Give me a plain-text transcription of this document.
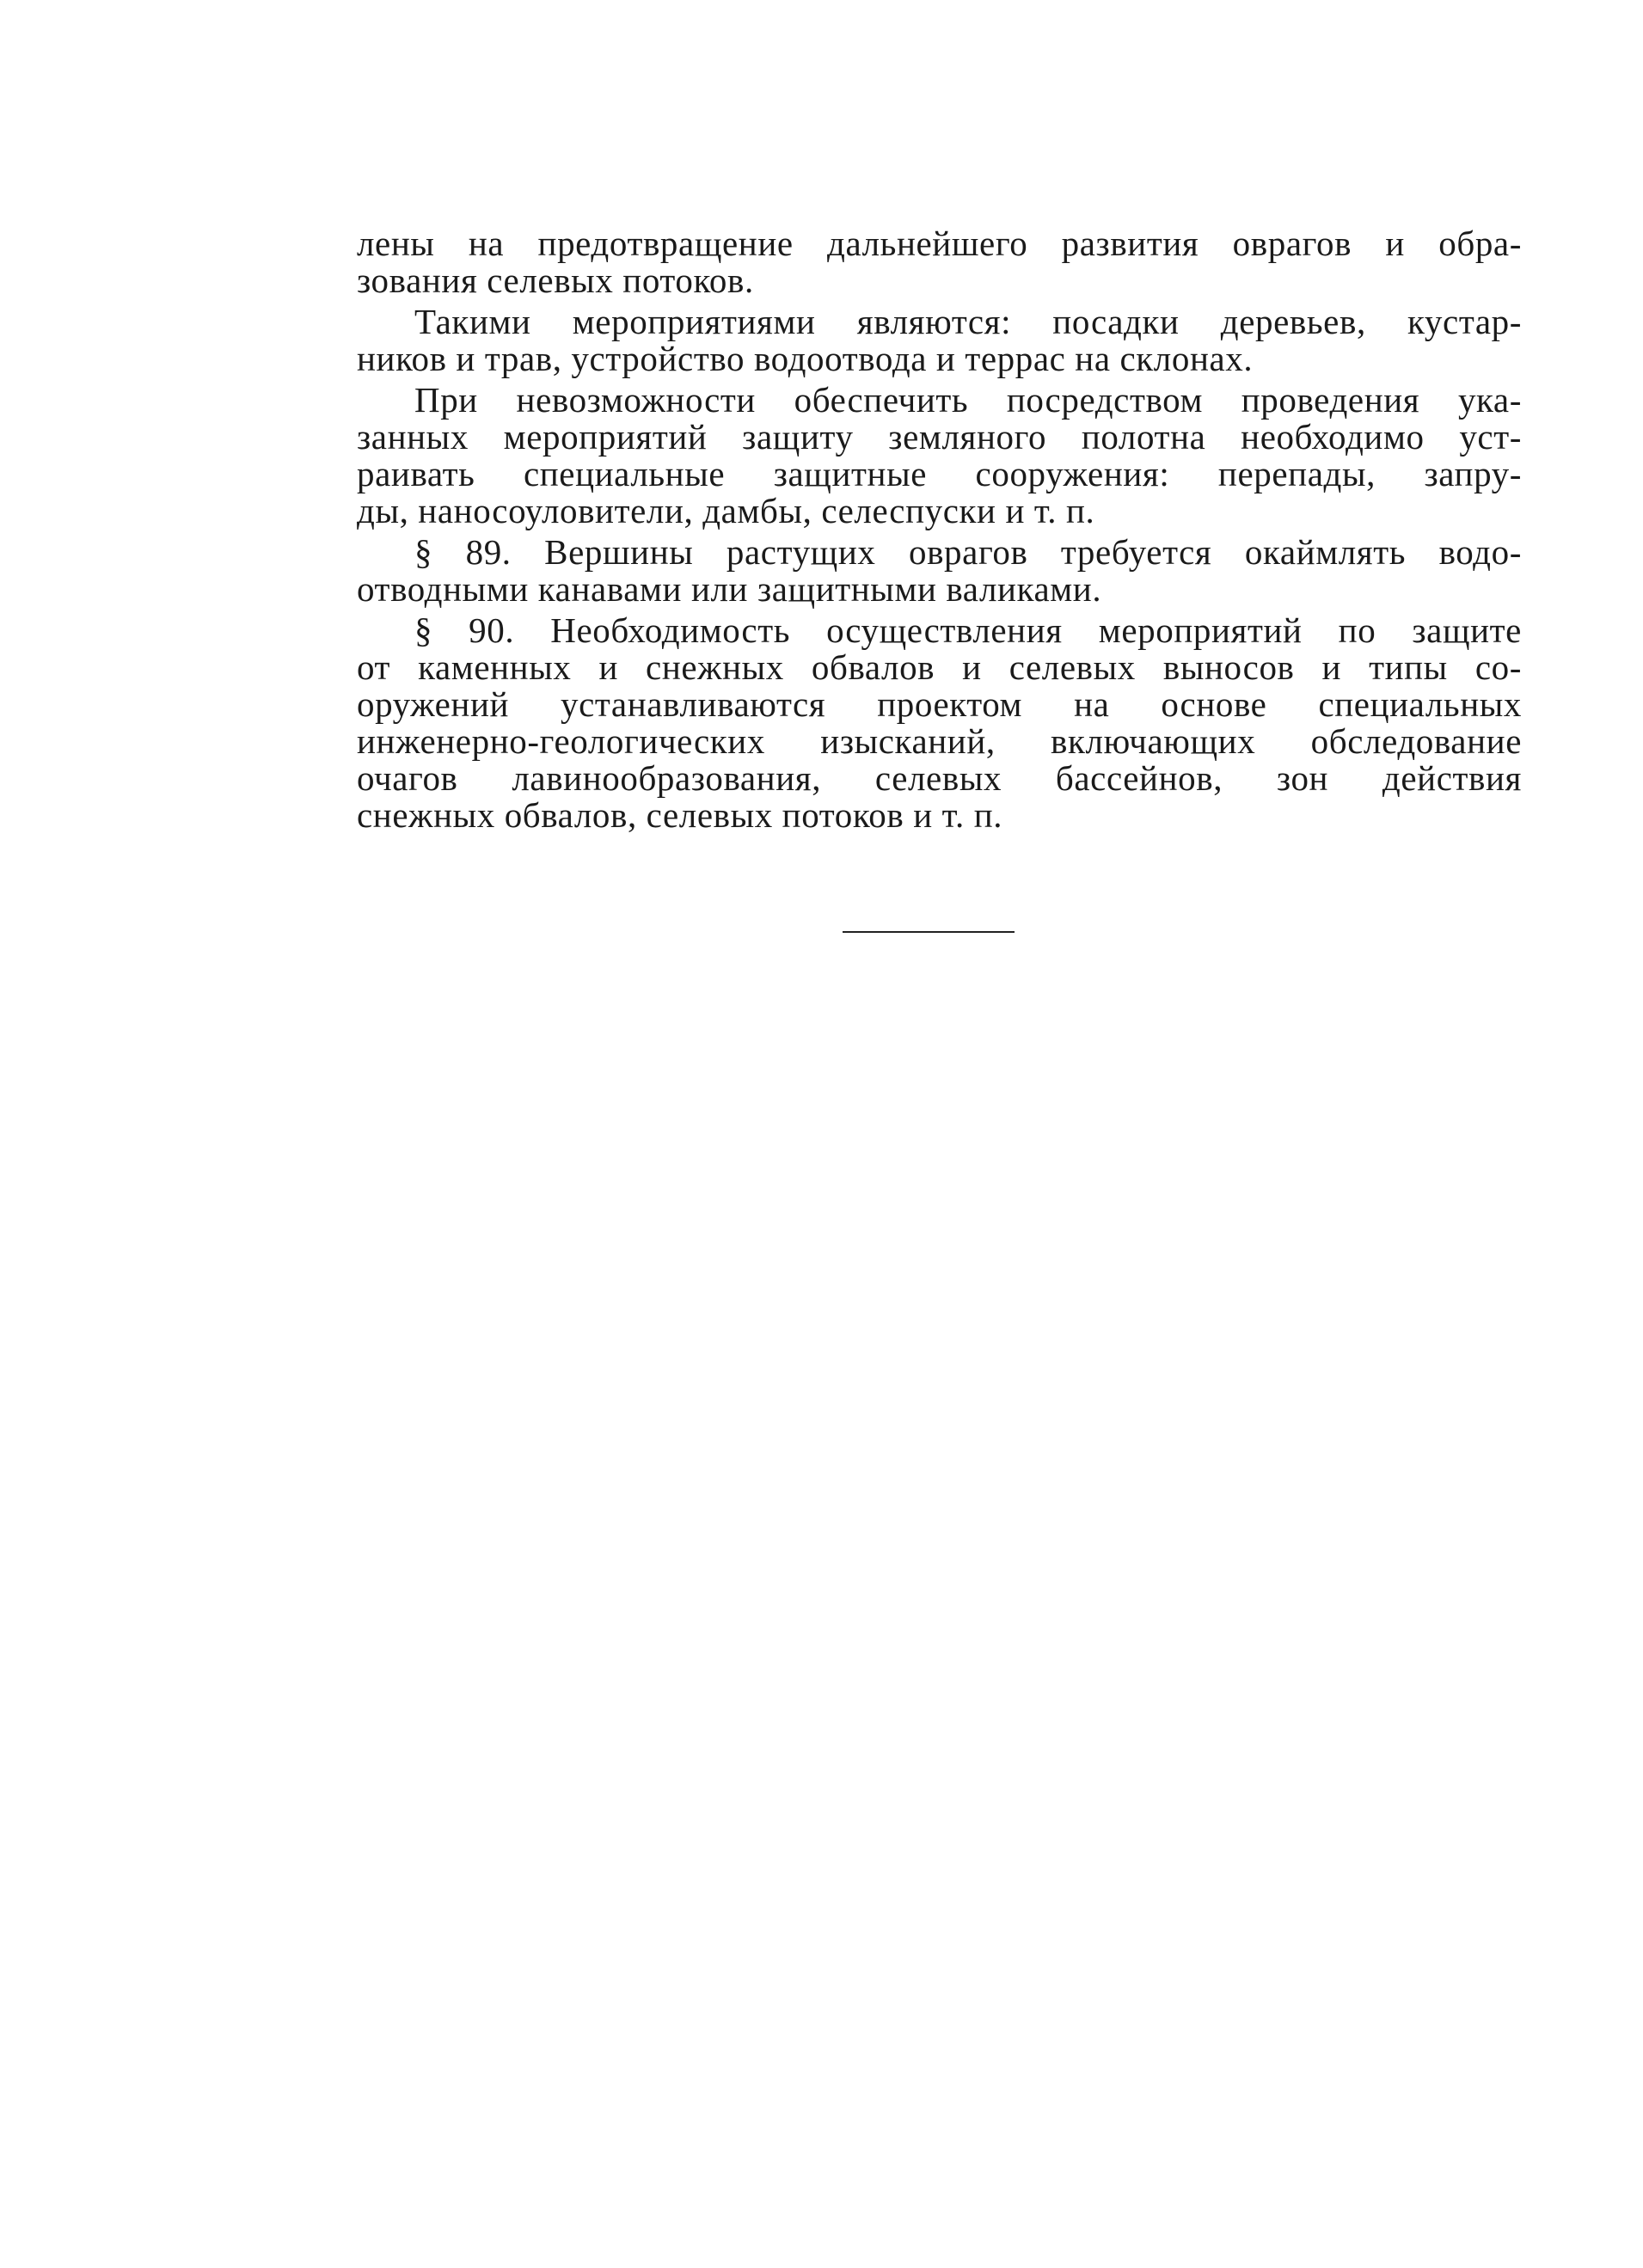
лены на предотвращение дальнейшего развития оврагов и обра-
зования селевых потоков.
Такими мероприятиями являются: посадки деревьев, кустар-
ников и трав, устройство водоотвода и террас на склонах.
При невозможности обеспечить посредством проведения ука-
занных мероприятий защиту земляного полотна необходимо уст-
раивать специальные защитные сооружения: перепады, запру-
ды, наносоуловители, дамбы, селеспуски и т. п.
§ 89. Вершины растущих оврагов требуется окаймлять водо-
отводными канавами или защитными валиками.
§ 90. Необходимость осуществления мероприятий по защите
от каменных и снежных обвалов и селевых выносов и типы со-
оружений устанавливаются проектом на основе специальных
инженерно-геологических изысканий, включающих обследование
очагов лавинообразования, селевых бассейнов, зон действия
снежных обвалов, селевых потоков и т. п.
